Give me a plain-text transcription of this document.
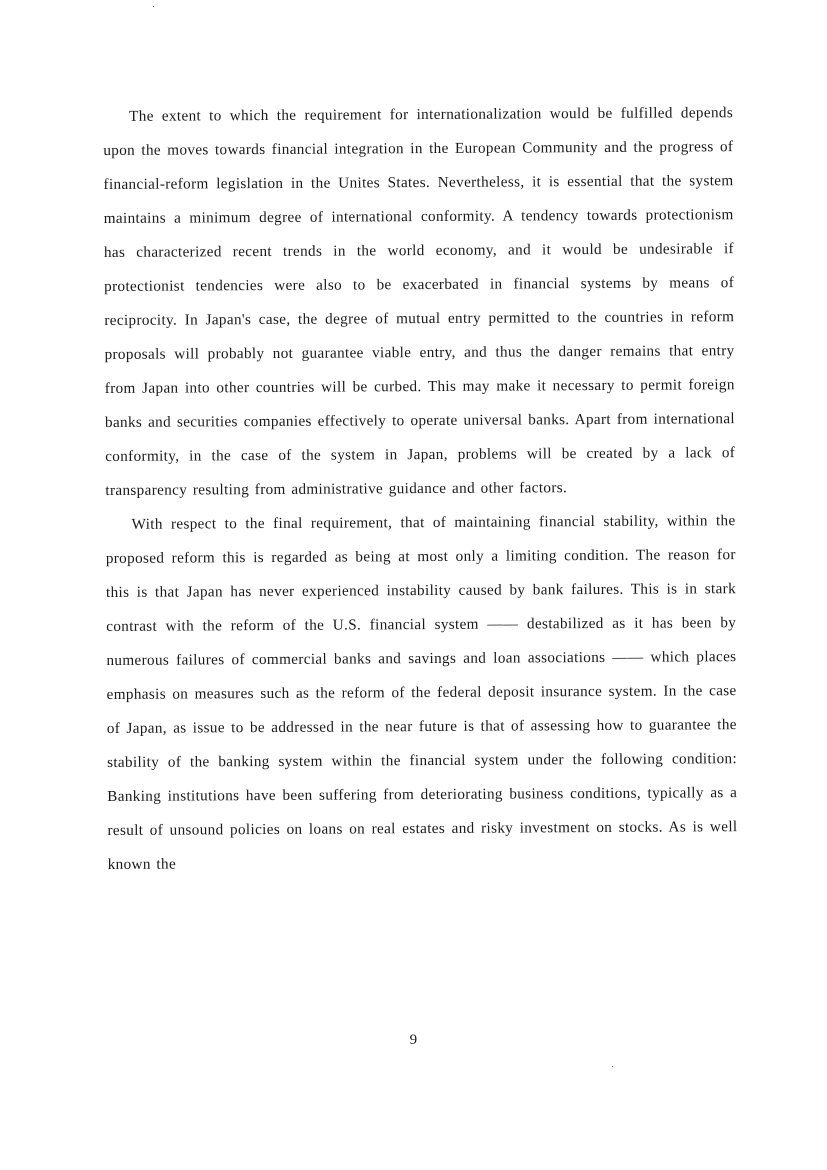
The extent to which the requirement for internationalization would be fulfilled depends upon the moves towards financial integration in the European Community and the progress of financial-reform legislation in the Unites States. Nevertheless, it is essential that the system maintains a minimum degree of international conformity. A tendency towards protectionism has characterized recent trends in the world economy, and it would be undesirable if protectionist tendencies were also to be exacerbated in financial systems by means of reciprocity. In Japan's case, the degree of mutual entry permitted to the countries in reform proposals will probably not guarantee viable entry, and thus the danger remains that entry from Japan into other countries will be curbed. This may make it necessary to permit foreign banks and securities companies effectively to operate universal banks. Apart from international conformity, in the case of the system in Japan, problems will be created by a lack of transparency resulting from administrative guidance and other factors.

With respect to the final requirement, that of maintaining financial stability, within the proposed reform this is regarded as being at most only a limiting condition. The reason for this is that Japan has never experienced instability caused by bank failures. This is in stark contrast with the reform of the U.S. financial system —— destabilized as it has been by numerous failures of commercial banks and savings and loan associations —— which places emphasis on measures such as the reform of the federal deposit insurance system. In the case of Japan, as issue to be addressed in the near future is that of assessing how to guarantee the stability of the banking system within the financial system under the following condition: Banking institutions have been suffering from deteriorating business conditions, typically as a result of unsound policies on loans on real estates and risky investment on stocks. As is well known the

9
